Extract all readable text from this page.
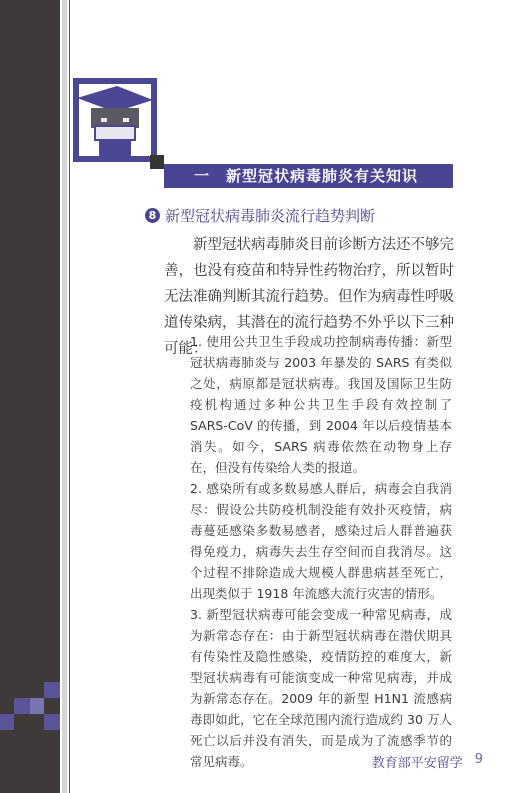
一　新型冠状病毒肺炎有关知识
8 新型冠状病毒肺炎流行趋势判断
新型冠状病毒肺炎目前诊断方法还不够完善，也没有疫苗和特异性药物治疗，所以暂时无法准确判断其流行趋势。但作为病毒性呼吸道传染病，其潜在的流行趋势不外乎以下三种可能：

1. 使用公共卫生手段成功控制病毒传播：新型冠状病毒肺炎与 2003 年暴发的 SARS 有类似之处，病原都是冠状病毒。我国及国际卫生防疫机构通过多种公共卫生手段有效控制了 SARS-CoV 的传播，到 2004 年以后疫情基本消失。如今，SARS 病毒依然在动物身上存在，但没有传染给人类的报道。

2. 感染所有或多数易感人群后，病毒会自我消尽：假设公共防疫机制没能有效扑灭疫情，病毒蔓延感染多数易感者，感染过后人群普遍获得免疫力，病毒失去生存空间而自我消尽。这个过程不排除造成大规模人群患病甚至死亡，出现类似于 1918 年流感大流行灾害的情形。

3. 新型冠状病毒可能会变成一种常见病毒，成为新常态存在：由于新型冠状病毒在潜伏期具有传染性及隐性感染，疫情防控的难度大，新型冠状病毒有可能演变成一种常见病毒，并成为新常态存在。2009 年的新型 H1N1 流感病毒即如此，它在全球范围内流行造成约 30 万人死亡以后并没有消失，而是成为了流感季节的常见病毒。	教育部平安留学 9
